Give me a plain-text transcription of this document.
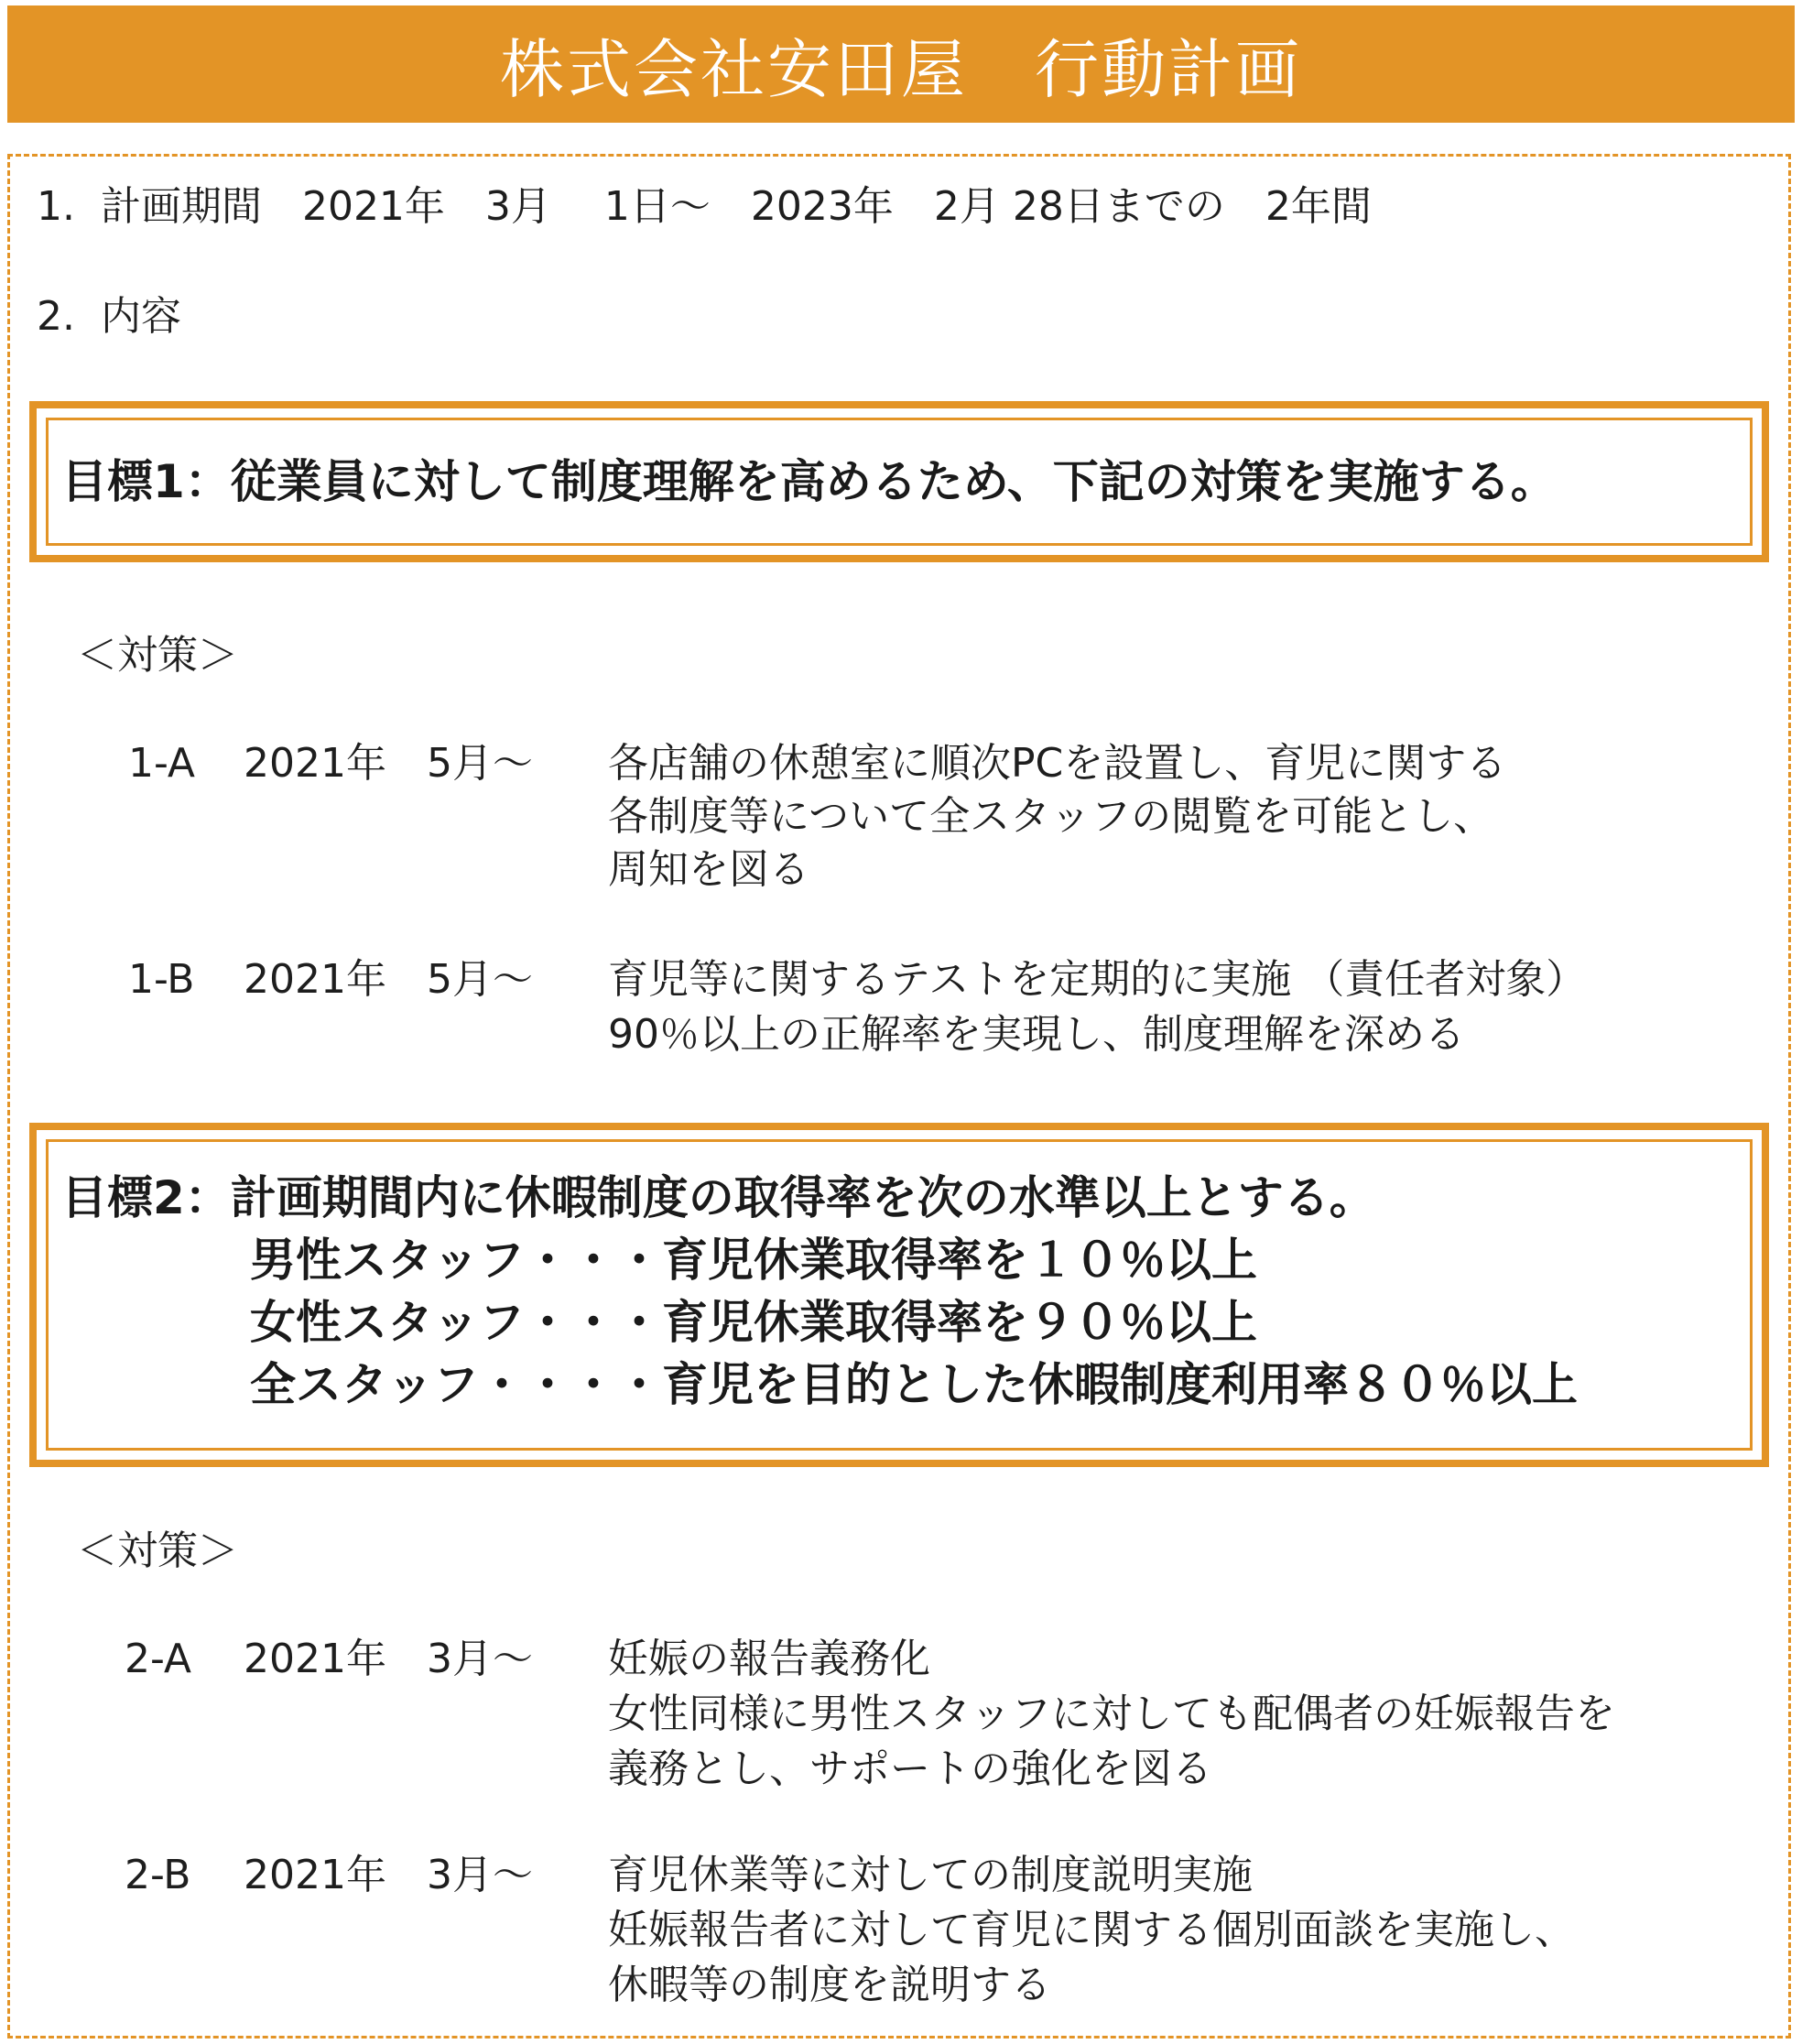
株式会社安田屋　行動計画
1.  計画期間　2021年　3月　 1日～　2023年　2月 28日までの　2年間
2.  内容
目標1：従業員に対して制度理解を高めるため、下記の対策を実施する。
＜対策＞
1-A 2021年　5月～ 各店舗の休憩室に順次PCを設置し、育児に関する
各制度等について全スタッフの閲覧を可能とし、
周知を図る
1-B 2021年　5月～ 育児等に関するテストを定期的に実施 （責任者対象）
90％以上の正解率を実現し、制度理解を深める
目標2：計画期間内に休暇制度の取得率を次の水準以上とする。
男性スタッフ・・・育児休業取得率を１０％以上
女性スタッフ・・・育児休業取得率を９０％以上
全スタッフ・・・・育児を目的とした休暇制度利用率８０％以上
＜対策＞
2-A 2021年　3月～ 妊娠の報告義務化
女性同様に男性スタッフに対しても配偶者の妊娠報告を
義務とし、サポートの強化を図る
2-B 2021年　3月～ 育児休業等に対しての制度説明実施
妊娠報告者に対して育児に関する個別面談を実施し、
休暇等の制度を説明する
